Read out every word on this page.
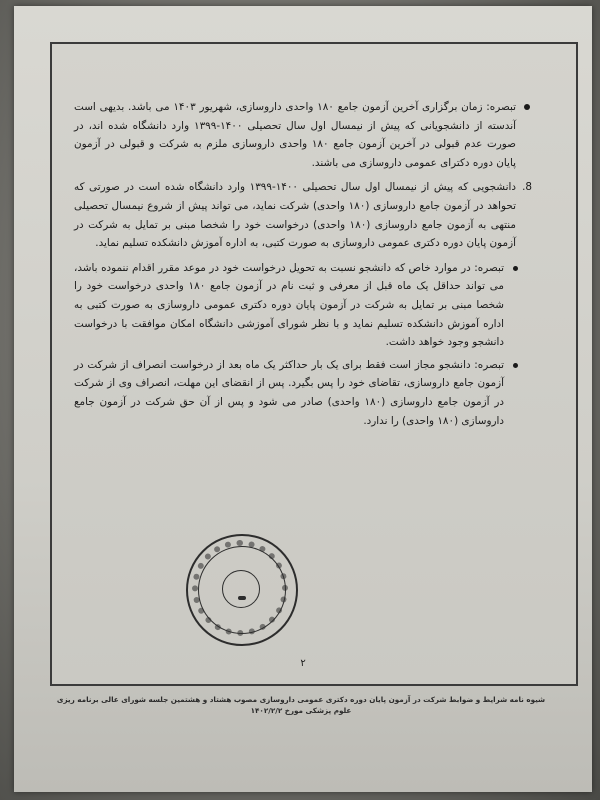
تبصره: زمان برگزاری آخرین آزمون جامع ۱۸۰ واحدی داروسازی، شهریور ۱۴۰۳ می باشد. بدیهی است آندسته از دانشجویانی که پیش از نیمسال اول سال تحصیلی ۱۴۰۰-۱۳۹۹ وارد دانشگاه شده اند، در صورت عدم قبولی در آخرین آزمون جامع ۱۸۰ واحدی داروسازی ملزم به شرکت و قبولی در آزمون پایان دوره دکترای عمومی داروسازی می باشند.

8.
دانشجویی که پیش از نیمسال اول سال تحصیلی ۱۴۰۰-۱۳۹۹ وارد دانشگاه شده است در صورتی که تحواهد در آزمون جامع داروسازی (۱۸۰ واحدی) شرکت نماید، می تواند پیش از شروع نیمسال تحصیلی منتهی به آزمون جامع داروسازی (۱۸۰ واحدی) درخواست خود را شخصا مبنی بر تمایل به شرکت در آزمون پایان دوره دکتری عمومی داروسازی به صورت کتبی، به اداره آموزش دانشکده تسلیم نماید.

تبصره: در موارد خاص که دانشجو نسبت به تحویل درخواست خود در موعد مقرر اقدام ننموده باشد، می تواند حداقل یک ماه قبل از معرفی و ثبت نام در آزمون جامع ۱۸۰ واحدی درخواست خود را شخصا مبنی بر تمایل به شرکت در آزمون پایان دوره دکتری عمومی داروسازی به صورت کتبی به اداره آموزش دانشکده تسلیم نماید و با نظر شورای آموزشی دانشگاه امکان موافقت با درخواست دانشجو وجود خواهد داشت.

تبصره: دانشجو مجاز است فقط برای یک بار حداکثر یک ماه بعد از درخواست انصراف از شرکت در آزمون جامع داروسازی، تقاضای خود را پس بگیرد. پس از انقضای این مهلت، انصراف وی از شرکت در آزمون جامع داروسازی (۱۸۰ واحدی) صادر می شود و پس از آن حق شرکت در آزمون جامع داروسازی (۱۸۰ واحدی) را ندارد.

۲
شیوه نامه شرایط و ضوابط شرکت در آزمون پایان دوره دکتری عمومی داروسازی مصوب هشتاد و هشتمین جلسه شورای عالی برنامه ریزی علوم پزشکی مورخ ۱۴۰۲/۲/۲
